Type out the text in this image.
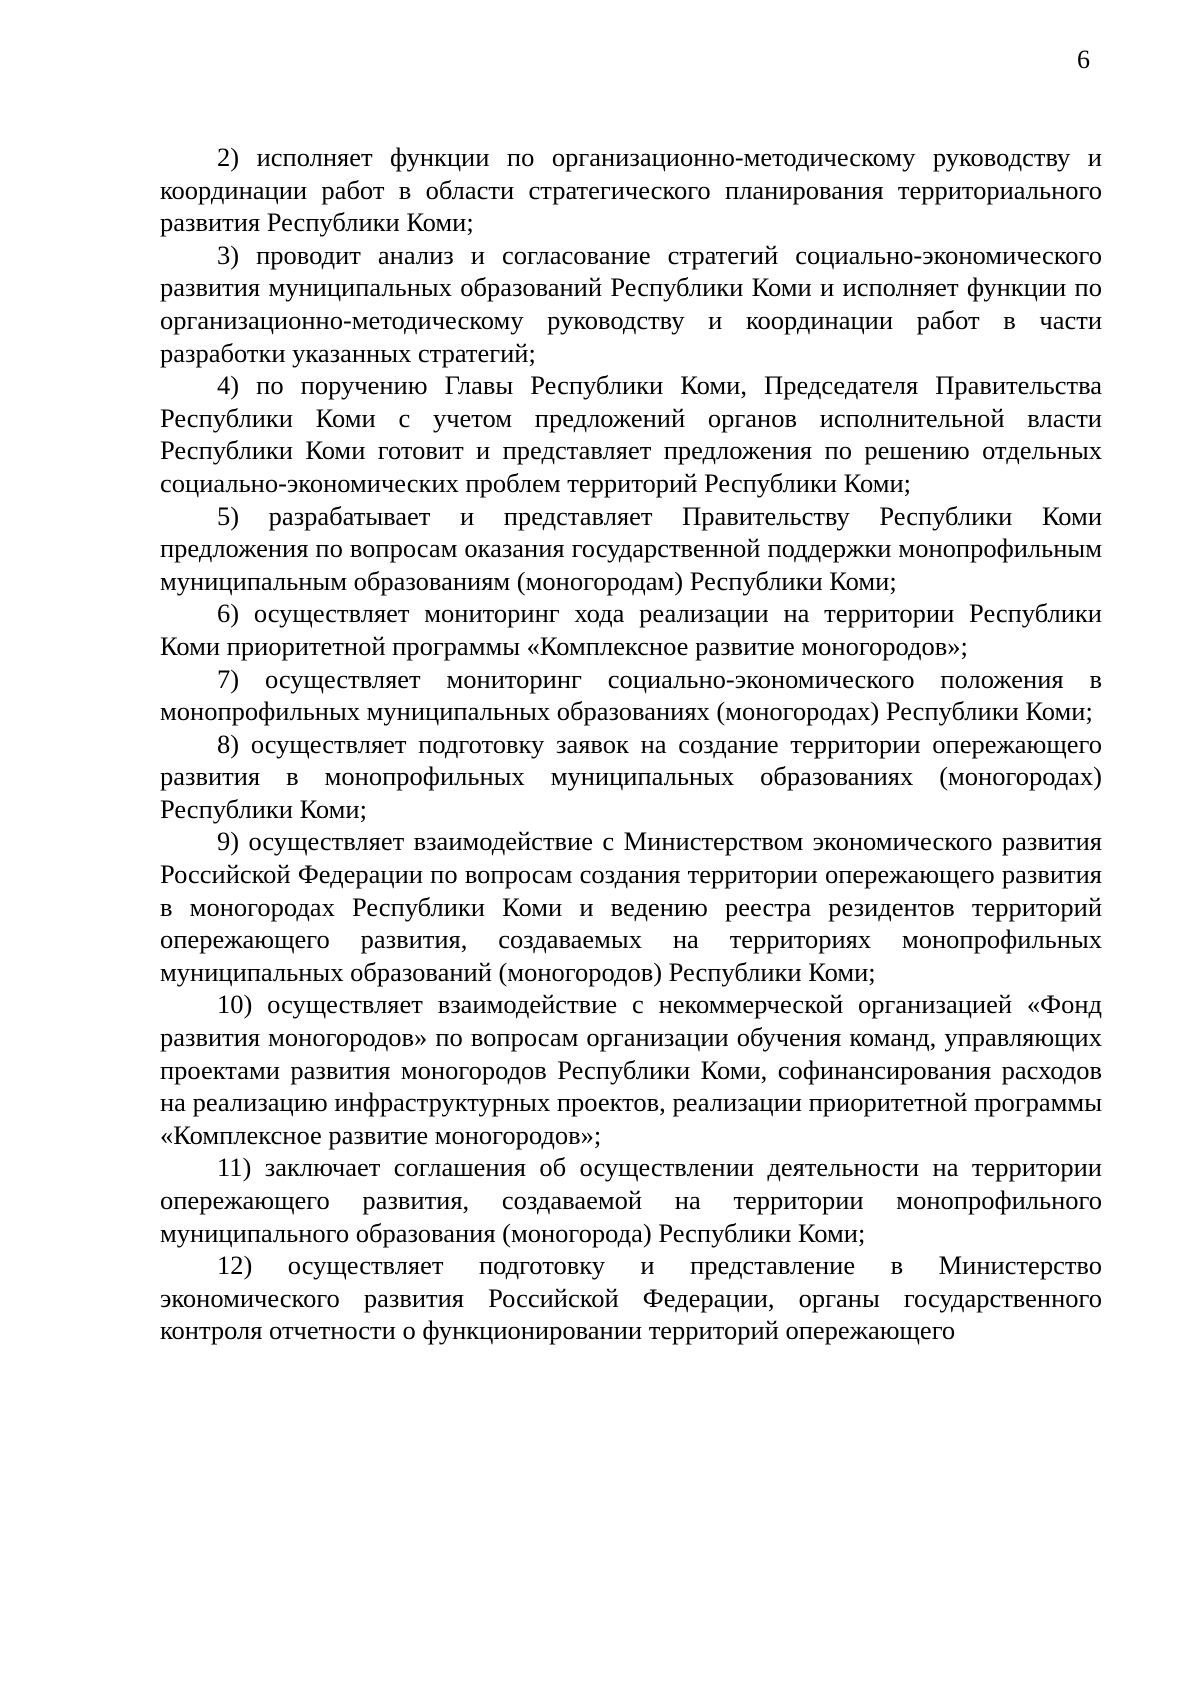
6

2) исполняет функции по организационно-методическому руководству и координации работ в области стратегического планирования территориального развития Республики Коми;

3) проводит анализ и согласование стратегий социально-экономического развития муниципальных образований Республики Коми и исполняет функции по организационно-методическому руководству и координации работ в части разработки указанных стратегий;

4) по поручению Главы Республики Коми, Председателя Правительства Республики Коми с учетом предложений органов исполнительной власти Республики Коми готовит и представляет предложения по решению отдельных социально-экономических проблем территорий Республики Коми;

5) разрабатывает и представляет Правительству Республики Коми предложения по вопросам оказания государственной поддержки монопрофильным муниципальным образованиям (моногородам) Республики Коми;

6) осуществляет мониторинг хода реализации на территории Республики Коми приоритетной программы «Комплексное развитие моногородов»;

7) осуществляет мониторинг социально-экономического положения в монопрофильных муниципальных образованиях (моногородах) Республики Коми;

8) осуществляет подготовку заявок на создание территории опережающего развития в монопрофильных муниципальных образованиях (моногородах) Республики Коми;

9) осуществляет взаимодействие с Министерством экономического развития Российской Федерации по вопросам создания территории опережающего развития в моногородах Республики Коми и ведению реестра резидентов территорий опережающего развития, создаваемых на территориях монопрофильных муниципальных образований (моногородов) Республики Коми;

10) осуществляет взаимодействие с некоммерческой организацией «Фонд развития моногородов» по вопросам организации обучения команд, управляющих проектами развития моногородов Республики Коми, софинансирования расходов на реализацию инфраструктурных проектов, реализации приоритетной программы «Комплексное развитие моногородов»;

11) заключает соглашения об осуществлении деятельности на территории опережающего развития, создаваемой на территории монопрофильного муниципального образования (моногорода) Республики Коми;

12) осуществляет подготовку и представление в Министерство экономического развития Российской Федерации, органы государственного контроля отчетности о функционировании территорий опережающего
